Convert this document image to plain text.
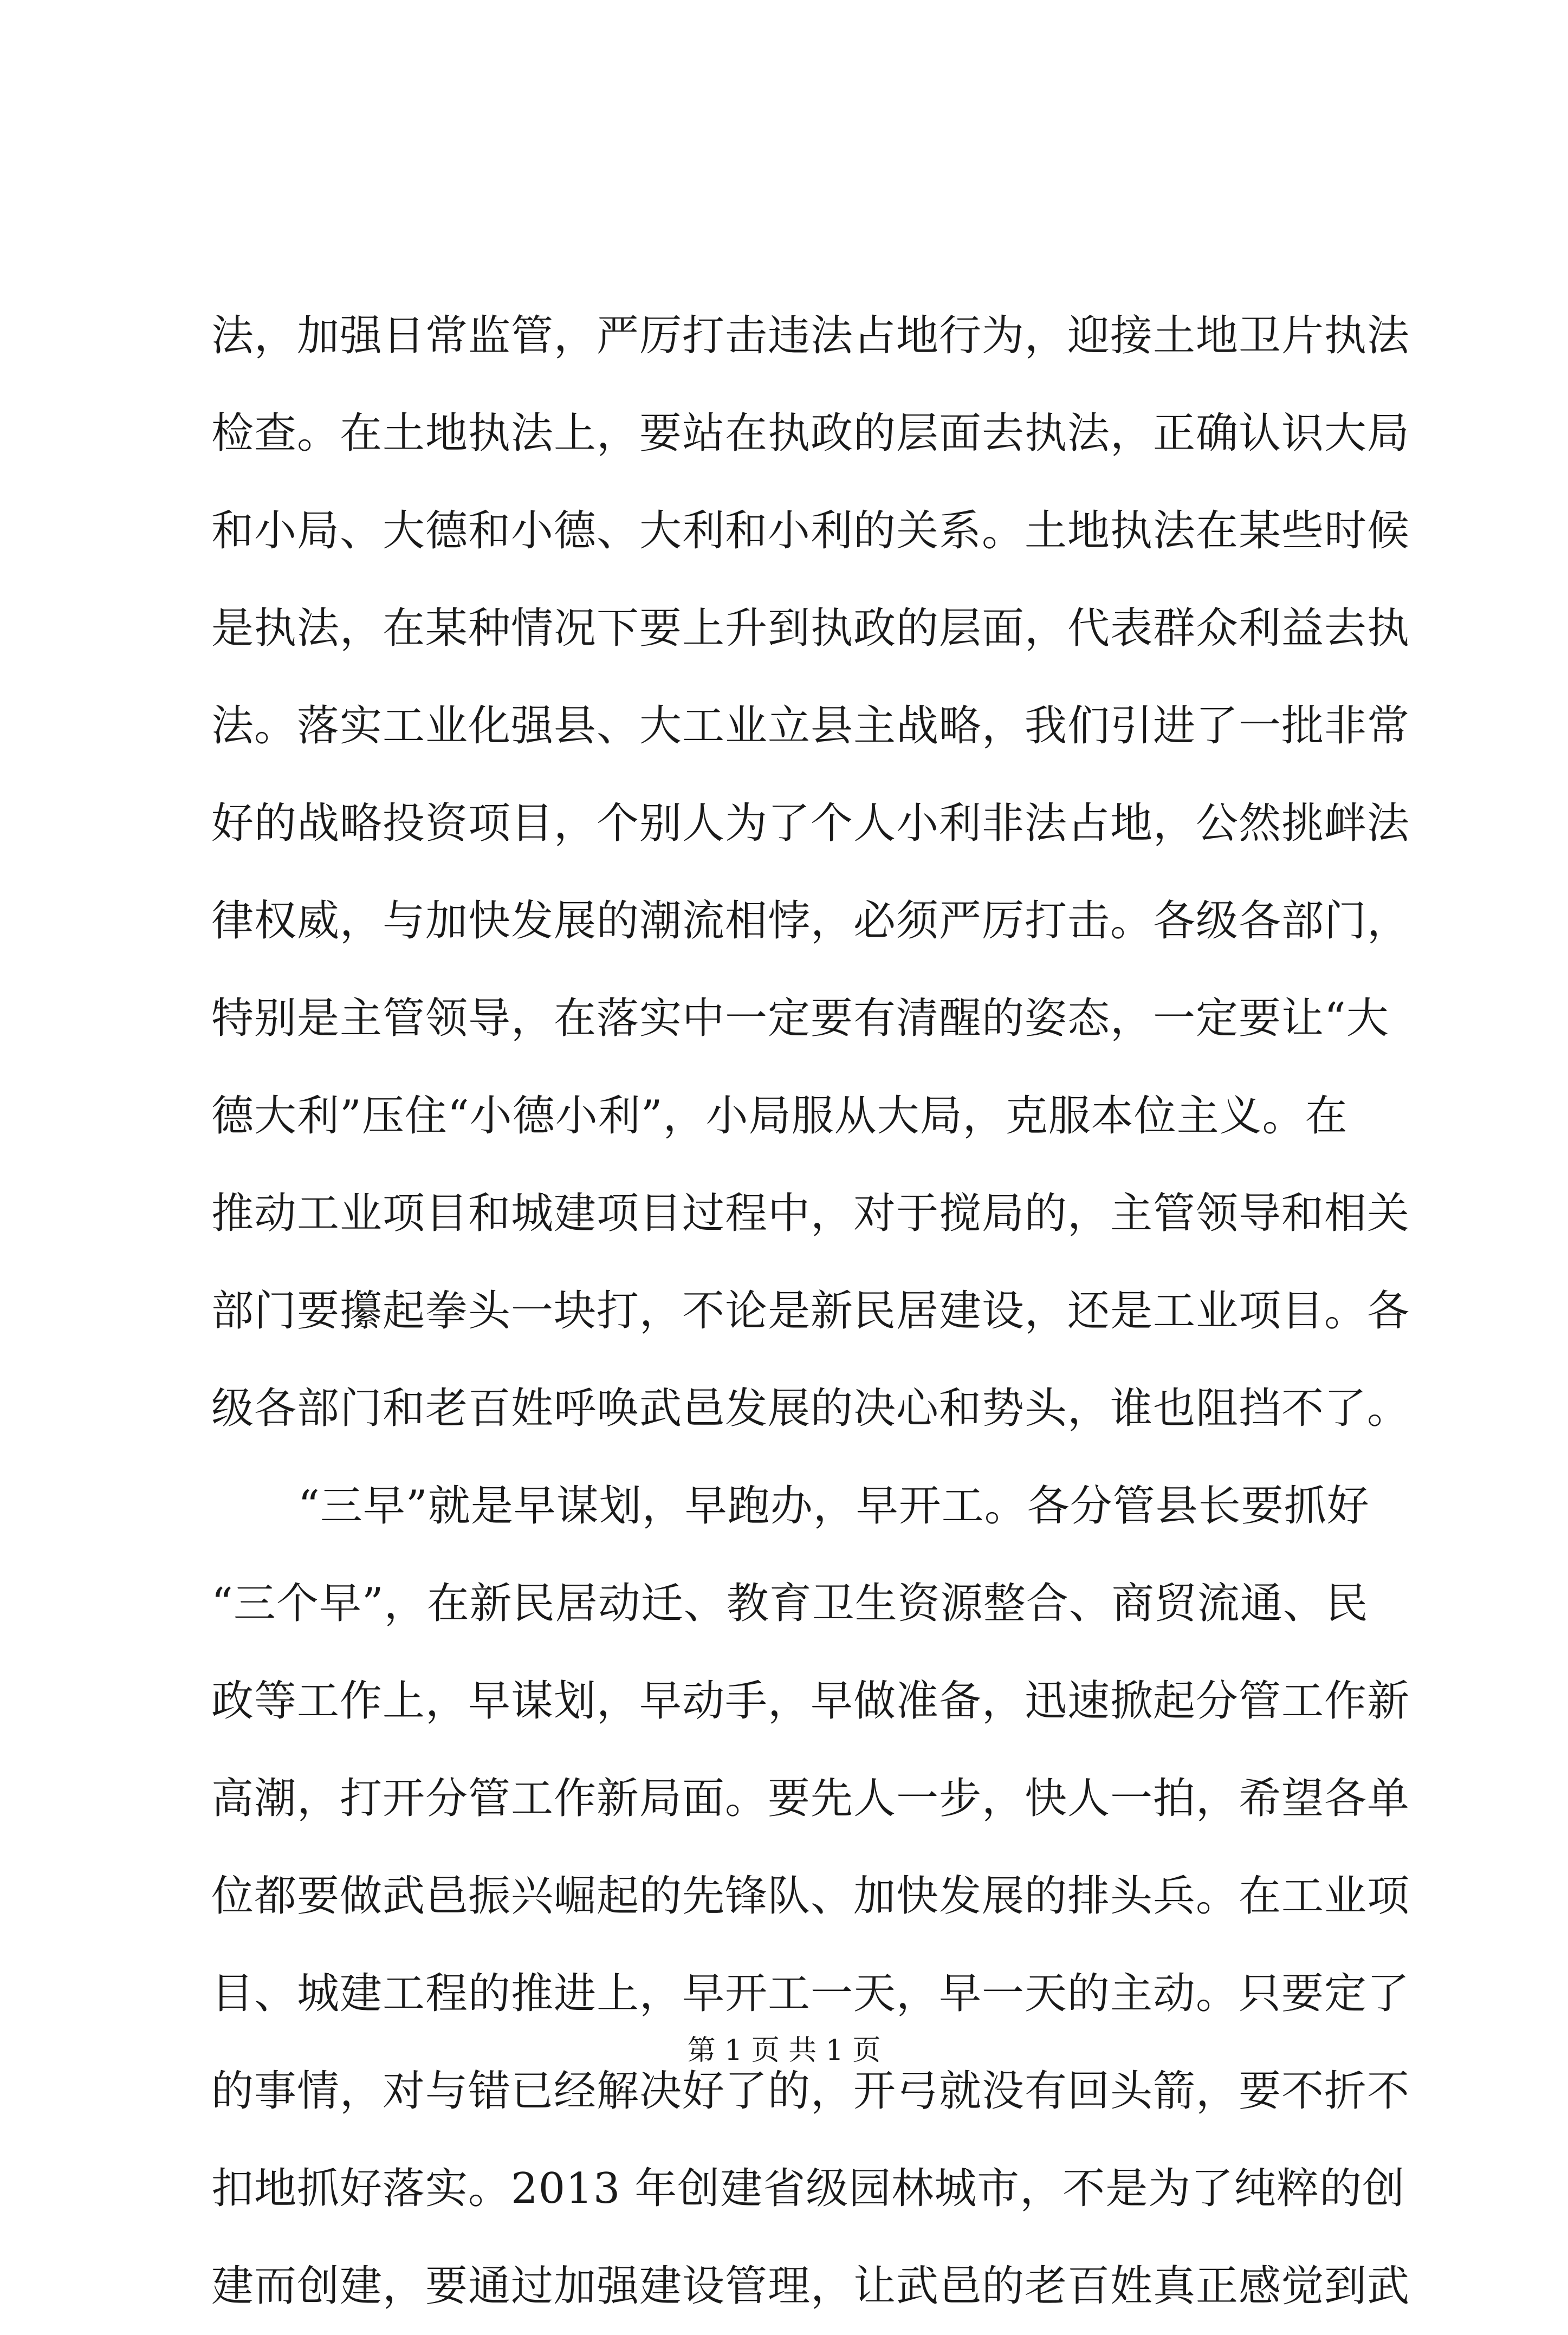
法，加强日常监管，严厉打击违法占地行为，迎接土地卫片执法
检查。在土地执法上，要站在执政的层面去执法，正确认识大局
和小局、大德和小德、大利和小利的关系。土地执法在某些时候
是执法，在某种情况下要上升到执政的层面，代表群众利益去执
法。落实工业化强县、大工业立县主战略，我们引进了一批非常
好的战略投资项目，个别人为了个人小利非法占地，公然挑衅法
律权威，与加快发展的潮流相悖，必须严厉打击。各级各部门，
特别是主管领导，在落实中一定要有清醒的姿态，一定要让“大
德大利”压住“小德小利”，小局服从大局，克服本位主义。在
推动工业项目和城建项目过程中，对于搅局的，主管领导和相关
部门要攥起拳头一块打，不论是新民居建设，还是工业项目。各
级各部门和老百姓呼唤武邑发展的决心和势头，谁也阻挡不了。
“三早”就是早谋划，早跑办，早开工。各分管县长要抓好
“三个早”，在新民居动迁、教育卫生资源整合、商贸流通、民
政等工作上，早谋划，早动手，早做准备，迅速掀起分管工作新
高潮，打开分管工作新局面。要先人一步，快人一拍，希望各单
位都要做武邑振兴崛起的先锋队、加快发展的排头兵。在工业项
目、城建工程的推进上，早开工一天，早一天的主动。只要定了
的事情，对与错已经解决好了的，开弓就没有回头箭，要不折不
扣地抓好落实。2013 年创建省级园林城市，不是为了纯粹的创
建而创建，要通过加强建设管理，让武邑的老百姓真正感觉到武
第 1 页 共 1 页
